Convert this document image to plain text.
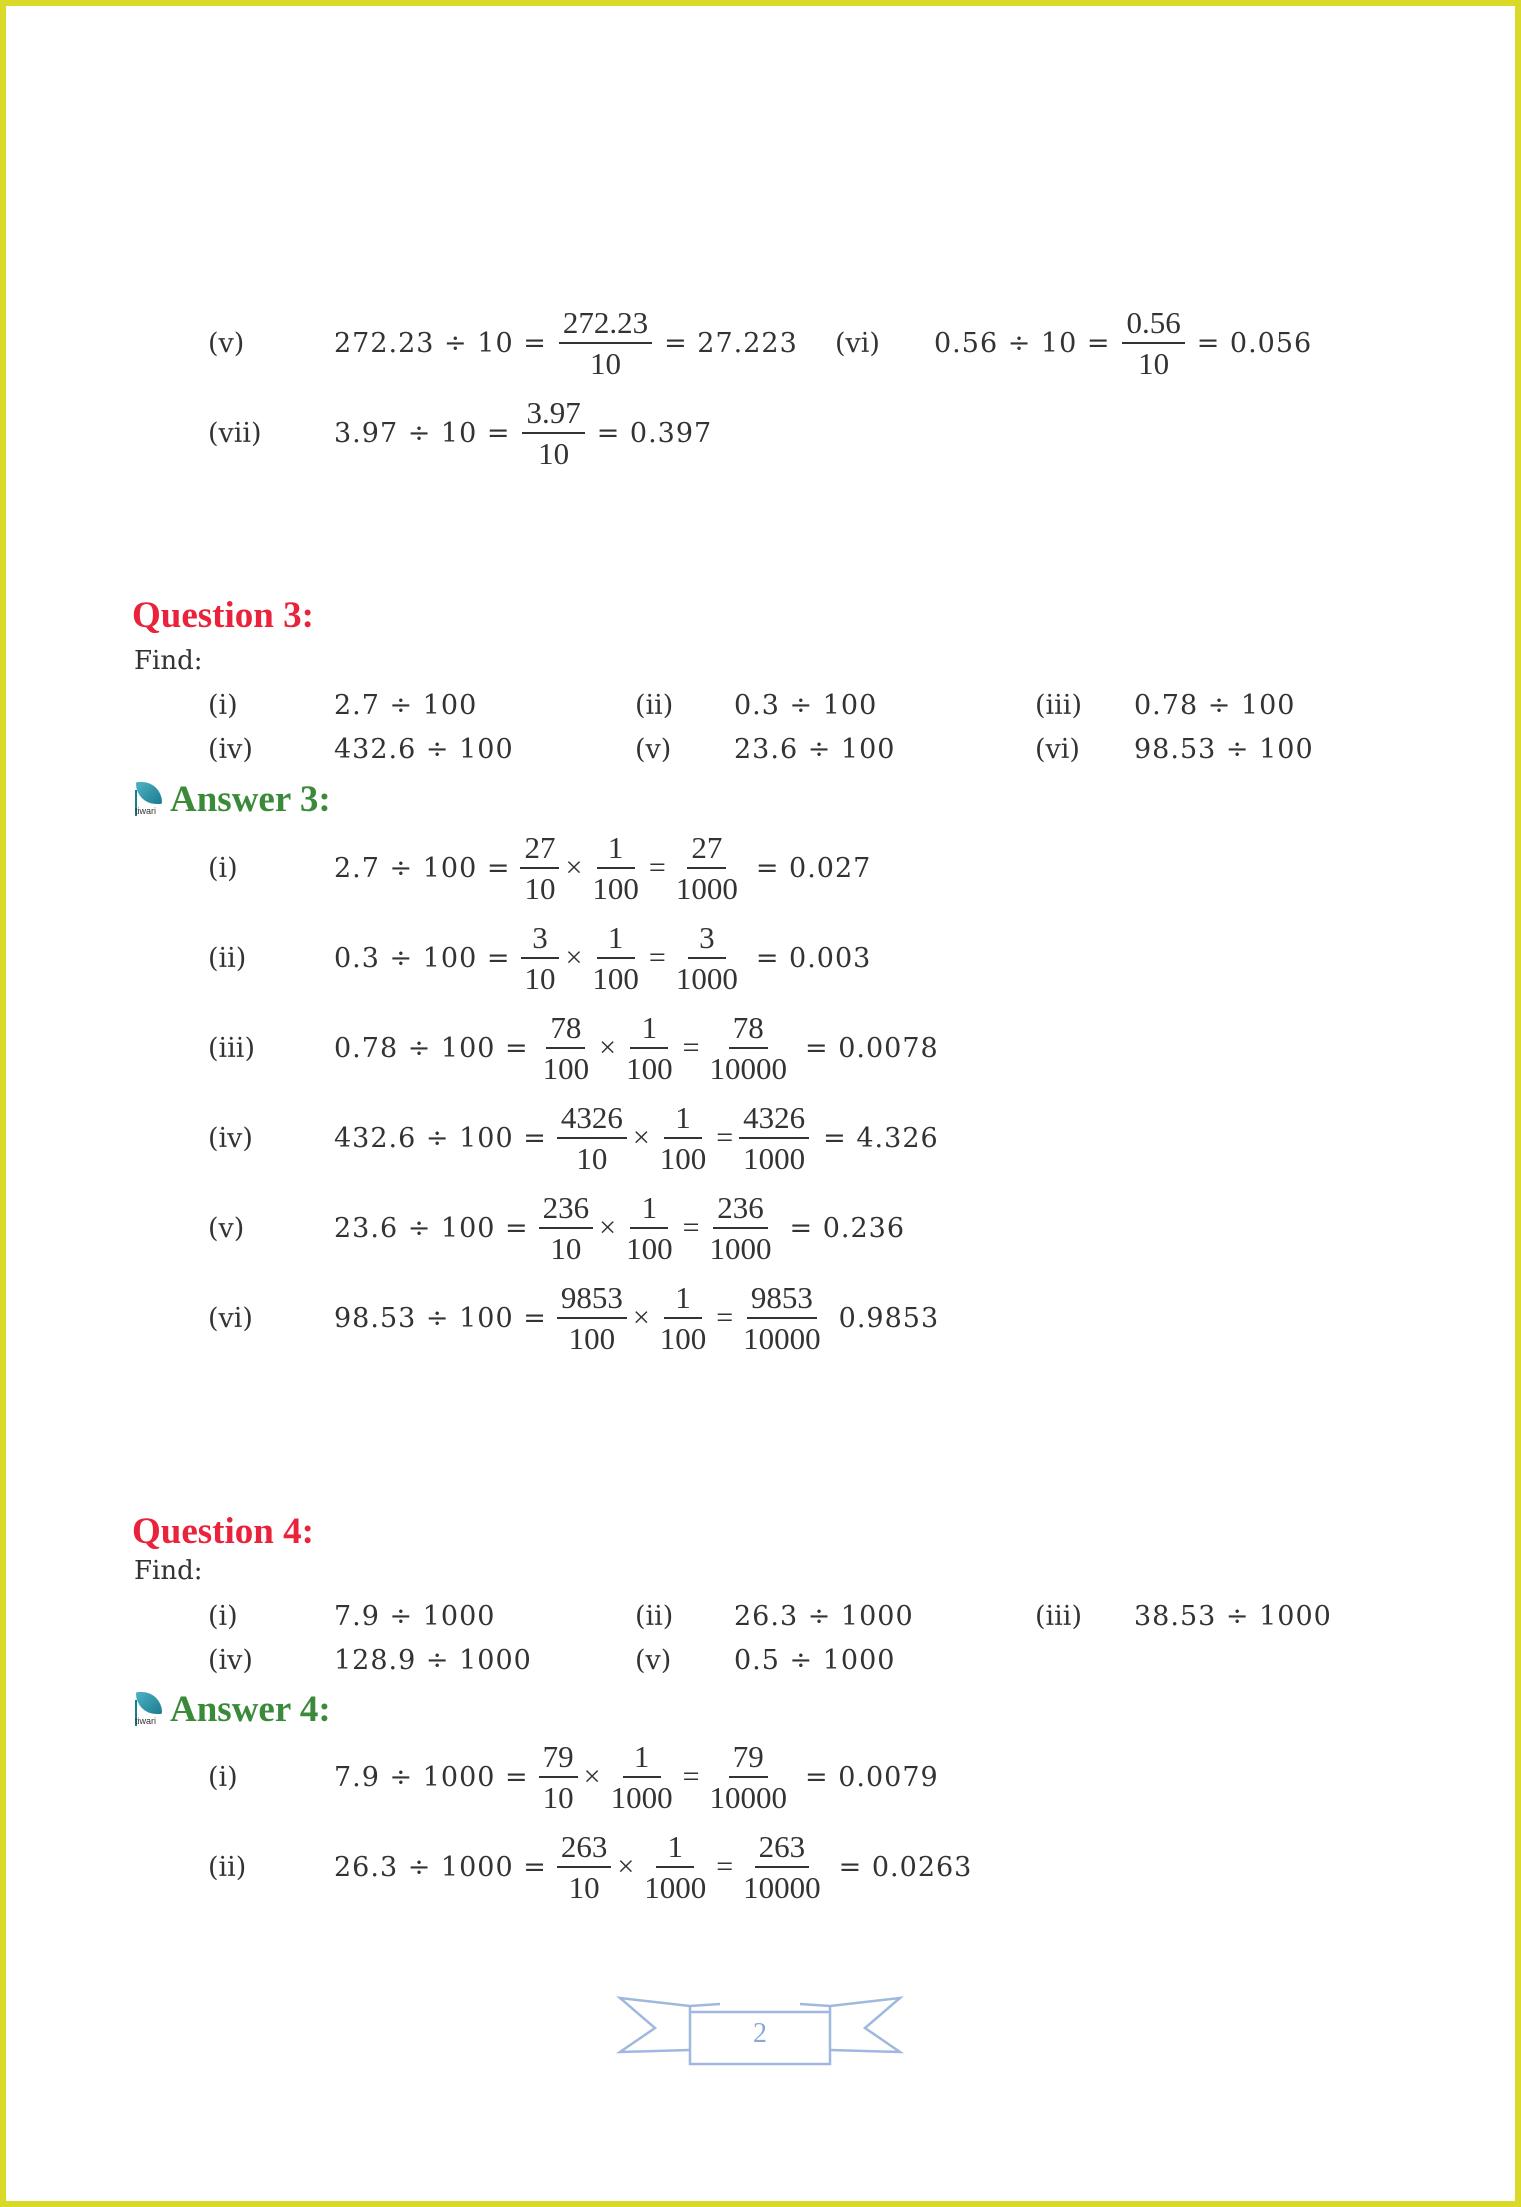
(v)	$272.23 \div 10 = \frac{272.23}{10} = 27.223$ (vi) $0.56 \div 10 = \frac{0.56}{10} = 0.056$
(vii)	$3.97 \div 10 = \frac{3.97}{10} = 0.397$
Question 3:
Find:
(i)	2.7 ÷ 100	(ii) 0.3 ÷ 100	(iii) 0.78 ÷ 100
(iv)	432.6 ÷ 100	(v) 23.6 ÷ 100	(vi) 98.53 ÷ 100
tiwari Answer 3:
(i)	$2.7 \div 100 = \frac{27}{10} \times \frac{1}{100} = \frac{27}{1000} = 0.027$
(ii)	$0.3 \div 100 = \frac{3}{10} \times \frac{1}{100} = \frac{3}{1000} = 0.003$
(iii)	$0.78 \div 100 = \frac{78}{100} \times \frac{1}{100} = \frac{78}{10000} = 0.0078$
(iv)	$432.6 \div 100 = \frac{4326}{10} \times \frac{1}{100} = \frac{4326}{1000} = 4.326$
(v)	$23.6 \div 100 = \frac{236}{10} \times \frac{1}{100} = \frac{236}{1000} = 0.236$
(vi)	$98.53 \div 100 = \frac{9853}{100} \times \frac{1}{100} = \frac{9853}{10000} 0.9853$
Question 4:
Find:
(i)	7.9 ÷ 1000	(ii) 26.3 ÷ 1000	(iii) 38.53 ÷ 1000
(iv)	128.9 ÷ 1000	(v) 0.5 ÷ 1000
tiwari Answer 4:
(i)	$7.9 \div 1000 = \frac{79}{10} \times \frac{1}{1000} = \frac{79}{10000} = 0.0079$
(ii)	$26.3 \div 1000 = \frac{263}{10} \times \frac{1}{1000} = \frac{263}{10000} = 0.0263$
2
